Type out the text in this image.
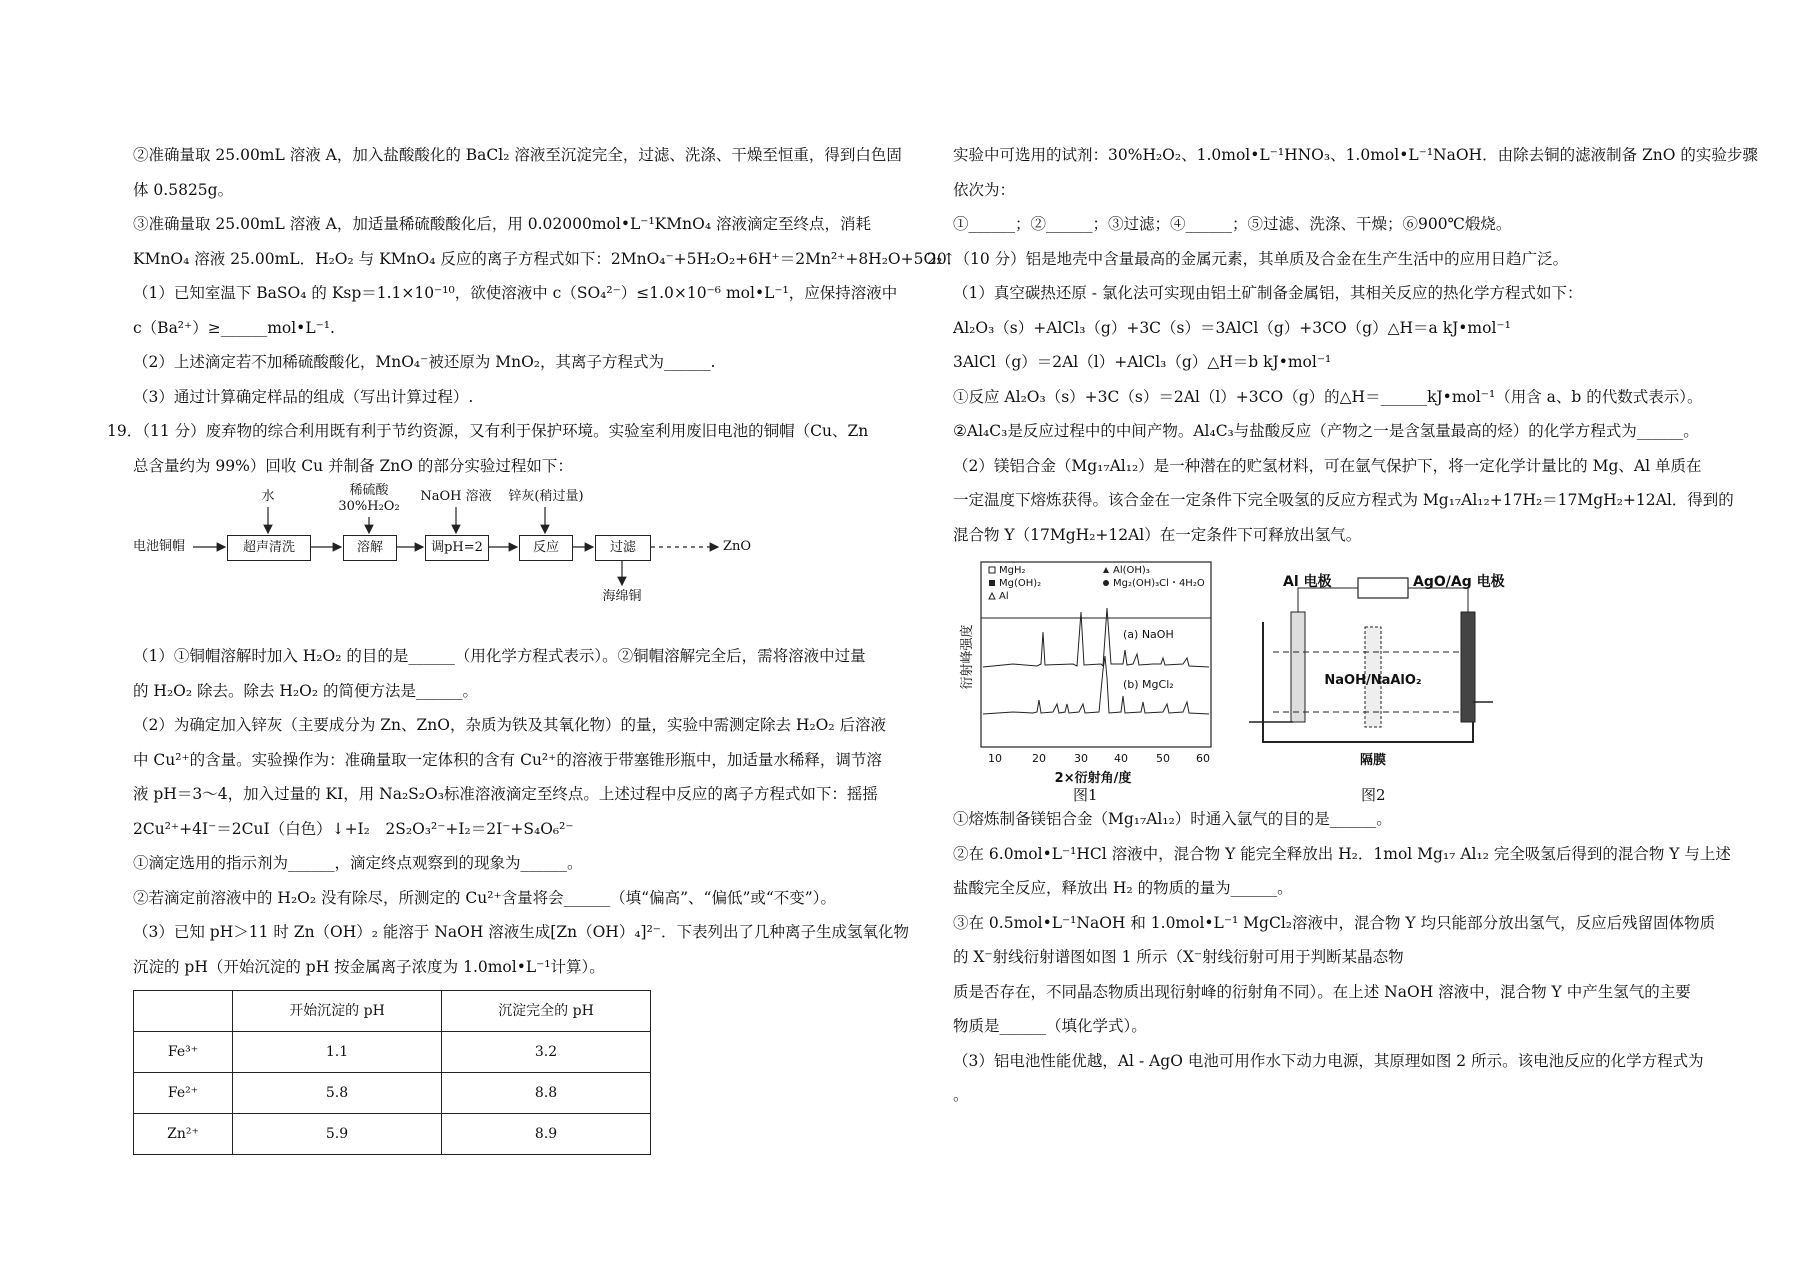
②准确量取 25.00mL 溶液 A，加入盐酸酸化的 BaCl₂ 溶液至沉淀完全，过滤、洗涤、干燥至恒重，得到白色固

体 0.5825g。

③准确量取 25.00mL 溶液 A，加适量稀硫酸酸化后，用 0.02000mol•L⁻¹KMnO₄ 溶液滴定至终点，消耗

KMnO₄ 溶液 25.00mL．H₂O₂ 与 KMnO₄ 反应的离子方程式如下：2MnO₄⁻+5H₂O₂+6H⁺＝2Mn²⁺+8H₂O+5O₂↑

（1）已知室温下 BaSO₄ 的 Ksp＝1.1×10⁻¹⁰，欲使溶液中 c（SO₄²⁻）≤1.0×10⁻⁶ mol•L⁻¹，应保持溶液中

c（Ba²⁺）≥______mol•L⁻¹.

（2）上述滴定若不加稀硫酸酸化，MnO₄⁻被还原为 MnO₂，其离子方程式为______.

（3）通过计算确定样品的组成（写出计算过程）.

19．（11 分）废弃物的综合利用既有利于节约资源，又有利于保护环境。实验室利用废旧电池的铜帽（Cu、Zn

总含量约为 99%）回收 Cu 并制备 ZnO 的部分实验过程如下：

电池铜帽	超声清洗	溶解	调pH=2	反应	过滤	ZnO
水	稀硫酸
30%H₂O₂
NaOH 溶液	锌灰(稍过量)
海绵铜

（1）①铜帽溶解时加入 H₂O₂ 的目的是______（用化学方程式表示）。②铜帽溶解完全后，需将溶液中过量

的 H₂O₂ 除去。除去 H₂O₂ 的简便方法是______。

（2）为确定加入锌灰（主要成分为 Zn、ZnO，杂质为铁及其氧化物）的量，实验中需测定除去 H₂O₂ 后溶液

中 Cu²⁺的含量。实验操作为：准确量取一定体积的含有 Cu²⁺的溶液于带塞锥形瓶中，加适量水稀释，调节溶

液 pH＝3～4，加入过量的 KI，用 Na₂S₂O₃标准溶液滴定至终点。上述过程中反应的离子方程式如下：摇摇

2Cu²⁺+4I⁻＝2CuI（白色）↓+I₂　2S₂O₃²⁻+I₂＝2I⁻+S₄O₆²⁻

①滴定选用的指示剂为______，滴定终点观察到的现象为______。

②若滴定前溶液中的 H₂O₂ 没有除尽，所测定的 Cu²⁺含量将会______（填“偏高”、“偏低”或“不变”）。

（3）已知 pH＞11 时 Zn（OH）₂ 能溶于 NaOH 溶液生成[Zn（OH）₄]²⁻．下表列出了几种离子生成氢氧化物

沉淀的 pH（开始沉淀的 pH 按金属离子浓度为 1.0mol•L⁻¹计算）。

	开始沉淀的 pH	沉淀完全的 pH
Fe³⁺	1.1	3.2
Fe²⁺	5.8	8.8
Zn²⁺	5.9	8.9

实验中可选用的试剂：30%H₂O₂、1.0mol•L⁻¹HNO₃、1.0mol•L⁻¹NaOH．由除去铜的滤液制备 ZnO 的实验步骤

依次为：

①______；②______；③过滤；④______；⑤过滤、洗涤、干燥；⑥900℃煅烧。

20．（10 分）铝是地壳中含量最高的金属元素，其单质及合金在生产生活中的应用日趋广泛。

（1）真空碳热还原 - 氯化法可实现由铝土矿制备金属铝，其相关反应的热化学方程式如下：

Al₂O₃（s）+AlCl₃（g）+3C（s）＝3AlCl（g）+3CO（g）△H＝a kJ•mol⁻¹

3AlCl（g）＝2Al（l）+AlCl₃（g）△H＝b kJ•mol⁻¹

①反应 Al₂O₃（s）+3C（s）＝2Al（l）+3CO（g）的△H＝______kJ•mol⁻¹（用含 a、b 的代数式表示）。

②Al₄C₃是反应过程中的中间产物。Al₄C₃与盐酸反应（产物之一是含氢量最高的烃）的化学方程式为______。

（2）镁铝合金（Mg₁₇Al₁₂）是一种潜在的贮氢材料，可在氩气保护下，将一定化学计量比的 Mg、Al 单质在

一定温度下熔炼获得。该合金在一定条件下完全吸氢的反应方程式为 Mg₁₇Al₁₂+17H₂＝17MgH₂+12Al．得到的

混合物 Y（17MgH₂+12Al）在一定条件下可释放出氢气。

MgH₂	Al(OH)₃
Mg(OH)₂	Mg₂(OH)₃Cl・4H₂O
Al
(a) NaOH
(b) MgCl₂
10	20	30 40	50 60
2×衍射角/度
衍射峰强度
Al 电极	AgO/Ag 电极
NaOH/NaAlO₂
隔膜
图1	图2

①熔炼制备镁铝合金（Mg₁₇Al₁₂）时通入氩气的目的是______。

②在 6.0mol•L⁻¹HCl 溶液中，混合物 Y 能完全释放出 H₂．1mol Mg₁₇ Al₁₂ 完全吸氢后得到的混合物 Y 与上述

盐酸完全反应，释放出 H₂ 的物质的量为______。

③在 0.5mol•L⁻¹NaOH 和 1.0mol•L⁻¹ MgCl₂溶液中，混合物 Y 均只能部分放出氢气，反应后残留固体物质

的 X⁻射线衍射谱图如图 1 所示（X⁻射线衍射可用于判断某晶态物

质是否存在，不同晶态物质出现衍射峰的衍射角不同）。在上述 NaOH 溶液中，混合物 Y 中产生氢气的主要

物质是______（填化学式）。

（3）铝电池性能优越，Al - AgO 电池可用作水下动力电源，其原理如图 2 所示。该电池反应的化学方程式为

。
